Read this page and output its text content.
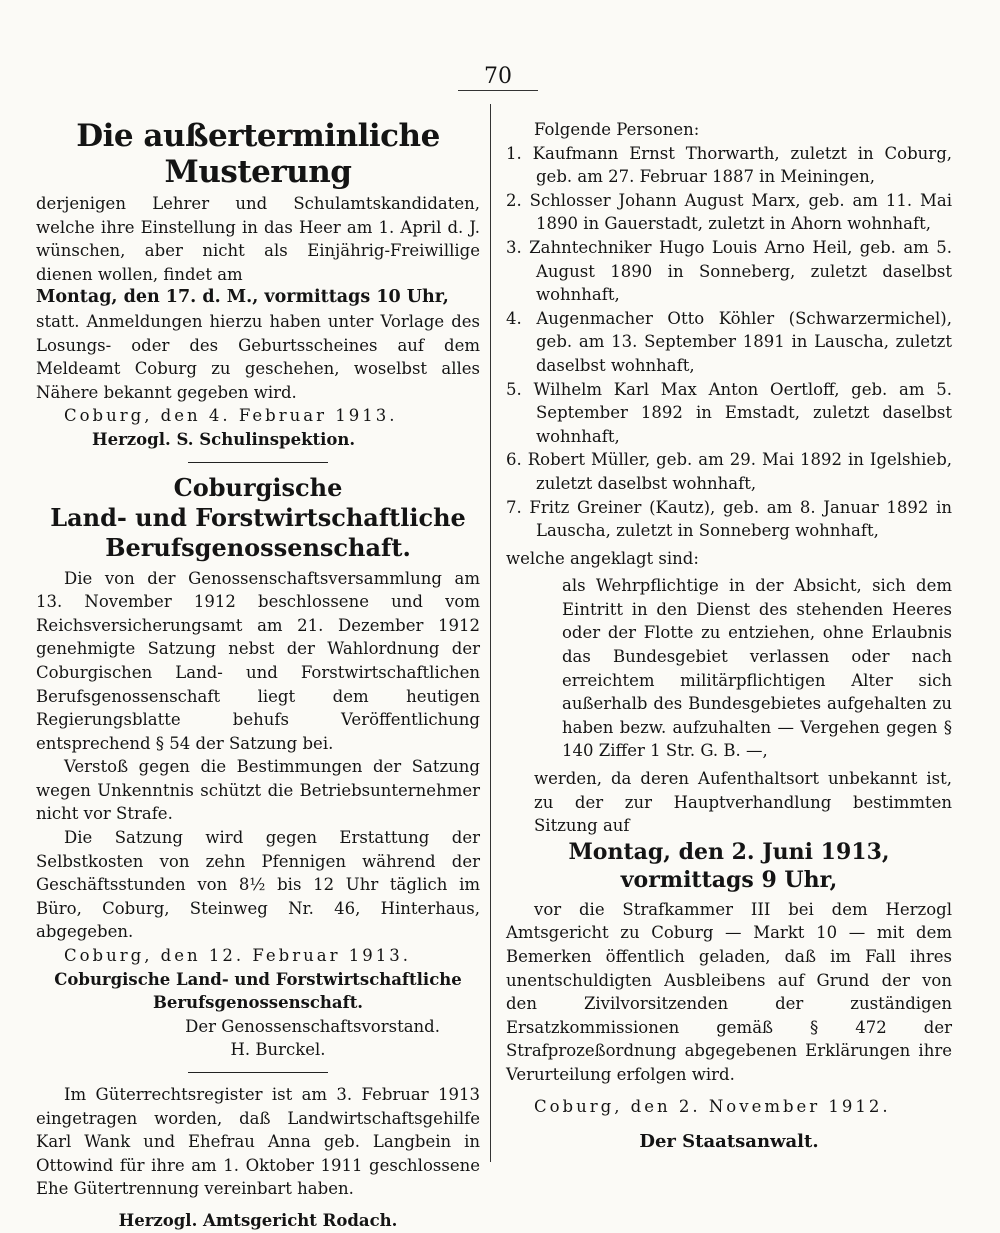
70

Die außerterminliche Musterung

derjenigen Lehrer und Schulamtskandidaten,

welche ihre Einstellung in das Heer am 1. April d. J.

wünschen, aber nicht als Einjährig-Freiwillige

dienen wollen, findet am

Montag, den 17. d. M., vormittags 10 Uhr,

statt. Anmeldungen hierzu haben unter Vorlage des Losungs- oder des Geburtsscheines auf dem Meldeamt Coburg zu geschehen, woselbst alles Nähere bekannt gegeben wird.

Coburg, den 4. Februar 1913.

Herzogl. S. Schulinspektion.

Coburgische

Land- und Forstwirtschaftliche

Berufsgenossenschaft.

Die von der Genossenschaftsversammlung am 13. November 1912 beschlossene und vom Reichsversicherungsamt am 21. Dezember 1912 genehmigte Satzung nebst der Wahlordnung der Coburgischen Land- und Forstwirtschaftlichen Berufsgenossenschaft liegt dem heutigen Regierungsblatte behufs Veröffentlichung entsprechend § 54 der Satzung bei.

Verstoß gegen die Bestimmungen der Satzung wegen Unkenntnis schützt die Betriebsunternehmer nicht vor Strafe.

Die Satzung wird gegen Erstattung der Selbstkosten von zehn Pfennigen während der Geschäftsstunden von 8½ bis 12 Uhr täglich im Büro, Coburg, Steinweg Nr. 46, Hinterhaus, abgegeben.

Coburg, den 12. Februar 1913.

Coburgische Land- und Forstwirtschaftliche

Berufsgenossenschaft.

Der Genossenschaftsvorstand.

H. Burckel.

Im Güterrechtsregister ist am 3. Februar 1913 eingetragen worden, daß Landwirtschaftsgehilfe Karl Wank und Ehefrau Anna geb. Langbein in Ottowind für ihre am 1. Oktober 1911 geschlossene Ehe Gütertrennung vereinbart haben.

Herzogl. Amtsgericht Rodach.

Folgende Personen:

1. Kaufmann Ernst Thorwarth, zuletzt in Coburg, geb. am 27. Februar 1887 in Meiningen,

2. Schlosser Johann August Marx, geb. am 11. Mai 1890 in Gauerstadt, zuletzt in Ahorn wohnhaft,

3. Zahntechniker Hugo Louis Arno Heil, geb. am 5. August 1890 in Sonneberg, zuletzt daselbst wohnhaft,

4. Augenmacher Otto Köhler (Schwarzermichel), geb. am 13. September 1891 in Lauscha, zuletzt daselbst wohnhaft,

5. Wilhelm Karl Max Anton Oertloff, geb. am 5. September 1892 in Emstadt, zuletzt daselbst wohnhaft,

6. Robert Müller, geb. am 29. Mai 1892 in Igelshieb, zuletzt daselbst wohnhaft,

7. Fritz Greiner (Kautz), geb. am 8. Januar 1892 in Lauscha, zuletzt in Sonneberg wohnhaft,

welche angeklagt sind:

als Wehrpflichtige in der Absicht, sich dem Eintritt in den Dienst des stehenden Heeres oder der Flotte zu entziehen, ohne Erlaubnis das Bundesgebiet verlassen oder nach erreichtem militärpflichtigen Alter sich außerhalb des Bundesgebietes aufgehalten zu haben bezw. aufzuhalten — Vergehen gegen § 140 Ziffer 1 Str. G. B. —,

werden, da deren Aufenthaltsort unbekannt ist, zu der zur Hauptverhandlung bestimmten Sitzung auf

Montag, den 2. Juni 1913,

vormittags 9 Uhr,

vor die Strafkammer III bei dem Herzogl Amtsgericht zu Coburg — Markt 10 — mit dem Bemerken öffentlich geladen, daß im Fall ihres unentschuldigten Ausbleibens auf Grund der von den Zivilvorsitzenden der zuständigen Ersatzkommissionen gemäß § 472 der Strafprozeßordnung abgegebenen Erklärungen ihre Verurteilung erfolgen wird.

Coburg, den 2. November 1912.

Der Staatsanwalt.
